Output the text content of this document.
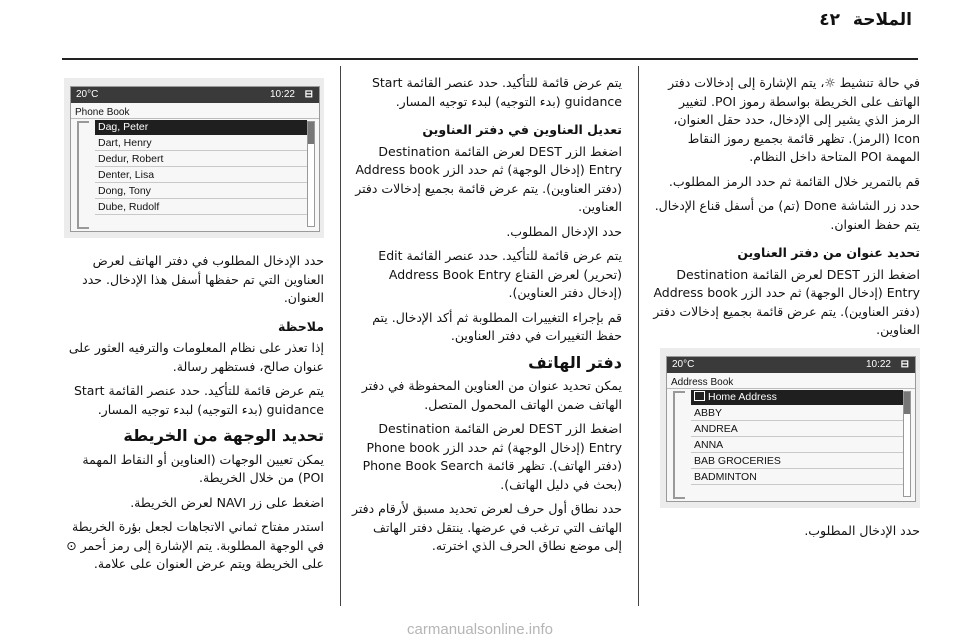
الملاحة
٤٢

في حالة تنشيط ☼، يتم الإشارة إلى إدخالات دفتر الهاتف على الخريطة بواسطة رموز POI. لتغيير الرمز الذي يشير إلى الإدخال، حدد حقل العنوان، Icon (الرمز). تظهر قائمة بجميع رموز النقاط المهمة POI المتاحة داخل النظام.

قم بالتمرير خلال القائمة ثم حدد الرمز المطلوب.

حدد زر الشاشة Done (تم) من أسفل قناع الإدخال. يتم حفظ العنوان.

تحديد عنوان من دفتر العناوين

اضغط الزر DEST لعرض القائمة Destination Entry (إدخال الوجهة) ثم حدد الزر Address book (دفتر العناوين). يتم عرض قائمة بجميع إدخالات دفتر العناوين.

20°C	10:22 ⊟
Address Book
Home Address
ABBY
ANDREA
ANNA
BAB GROCERIES
BADMINTON

حدد الإدخال المطلوب.

يتم عرض قائمة للتأكيد. حدد عنصر القائمة Start guidance (بدء التوجيه) لبدء توجيه المسار.

تعديل العناوين في دفتر العناوين

اضغط الزر DEST لعرض القائمة Destination Entry (إدخال الوجهة) ثم حدد الزر Address book (دفتر العناوين). يتم عرض قائمة بجميع إدخالات دفتر العناوين.

حدد الإدخال المطلوب.

يتم عرض قائمة للتأكيد. حدد عنصر القائمة Edit (تحرير) لعرض القناع Address Book Entry (إدخال دفتر العناوين).

قم بإجراء التغييرات المطلوبة ثم أكد الإدخال. يتم حفظ التغييرات في دفتر العناوين.

دفتر الهاتف

يمكن تحديد عنوان من العناوين المحفوظة في دفتر الهاتف ضمن الهاتف المحمول المتصل.

اضغط الزر DEST لعرض القائمة Destination Entry (إدخال الوجهة) ثم حدد الزر Phone book (دفتر الهاتف). تظهر قائمة Phone Book Search (بحث في دليل الهاتف).

حدد نطاق أول حرف لعرض تحديد مسبق لأرقام دفتر الهاتف التي ترغب في عرضها. ينتقل دفتر الهاتف إلى موضع نطاق الحرف الذي اخترته.

20°C	10:22 ⊟
Phone Book
Dag, Peter
Dart, Henry
Dedur, Robert
Denter, Lisa
Dong, Tony
Dube, Rudolf

حدد الإدخال المطلوب في دفتر الهاتف لعرض العناوين التي تم حفظها أسفل هذا الإدخال. حدد العنوان.

ملاحظة

إذا تعذر على نظام المعلومات والترفيه العثور على عنوان صالح، فستظهر رسالة.

يتم عرض قائمة للتأكيد. حدد عنصر القائمة Start guidance (بدء التوجيه) لبدء توجيه المسار.

تحديد الوجهة من الخريطة

يمكن تعيين الوجهات (العناوين أو النقاط المهمة POI) من خلال الخريطة.

اضغط على زر NAVI لعرض الخريطة.

استدر مفتاح ثماني الاتجاهات لجعل بؤرة الخريطة في الوجهة المطلوبة. يتم الإشارة إلى رمز أحمر ⊙ على الخريطة ويتم عرض العنوان على علامة.

carmanualsonline.info
